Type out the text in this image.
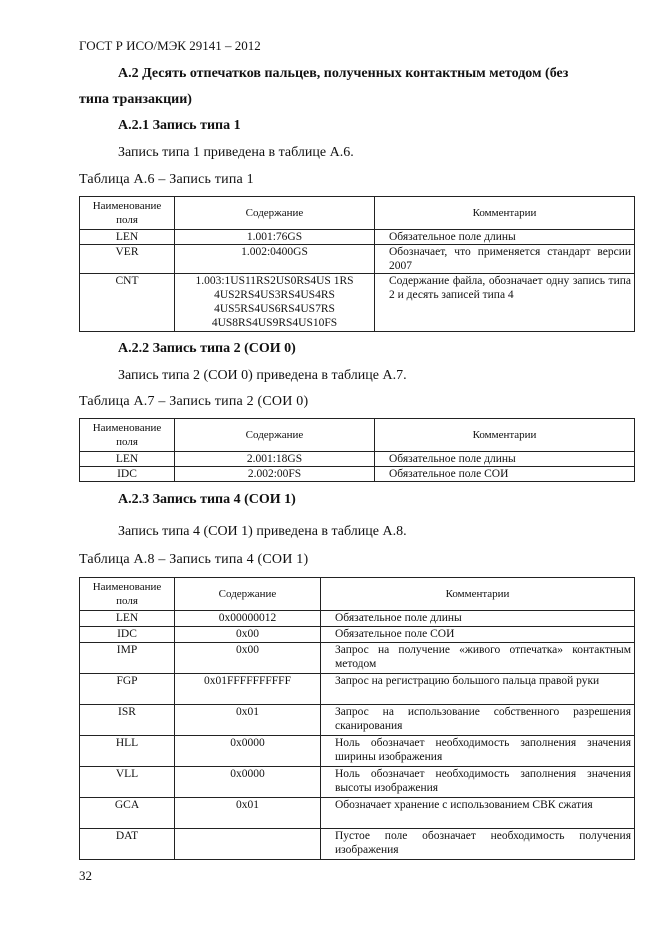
ГОСТ Р ИСО/МЭК 29141 – 2012
A.2 Десять отпечатков пальцев, полученных контактным методом (без
типа транзакции)
A.2.1 Запись типа 1
Запись типа 1 приведена в таблице А.6.
Таблица А.6 – Запись типа 1
Наименование поля	Содержание	Комментарии
LEN	1.001:76GS	Обязательное поле длины
VER	1.002:0400GS	Обозначает, что применяется стандарт версии 2007
CNT	1.003:1US11RS2US0RS4US 1RS 4US2RS4US3RS4US4RS 4US5RS4US6RS4US7RS 4US8RS4US9RS4US10FS	Содержание файла, обозначает одну запись типа 2 и десять записей типа 4
A.2.2 Запись типа 2 (СОИ 0)
Запись типа 2 (СОИ 0) приведена в таблице А.7.
Таблица А.7 – Запись типа 2 (СОИ 0)
Наименование поля	Содержание	Комментарии
LEN	2.001:18GS	Обязательное поле длины
IDC	2.002:00FS	Обязательное поле СОИ
A.2.3 Запись типа 4 (СОИ 1)
Запись типа 4 (СОИ 1) приведена в таблице А.8.
Таблица А.8 – Запись типа 4 (СОИ 1)
Наименование поля	Содержание	Комментарии
LEN	0x00000012	Обязательное поле длины
IDC	0x00	Обязательное поле СОИ
IMP	0x00	Запрос на получение «живого отпечатка» контактным методом
FGP	0x01FFFFFFFFFF	Запрос на регистрацию большого пальца правой руки
ISR	0x01	Запрос на использование собственного разрешения сканирования
HLL	0x0000	Ноль обозначает необходимость заполнения значения ширины изображения
VLL	0x0000	Ноль обозначает необходимость заполнения значения высоты изображения
GCA	0x01	Обозначает хранение с использованием СВК сжатия
DAT		Пустое поле обозначает необходимость получения изображения
32
